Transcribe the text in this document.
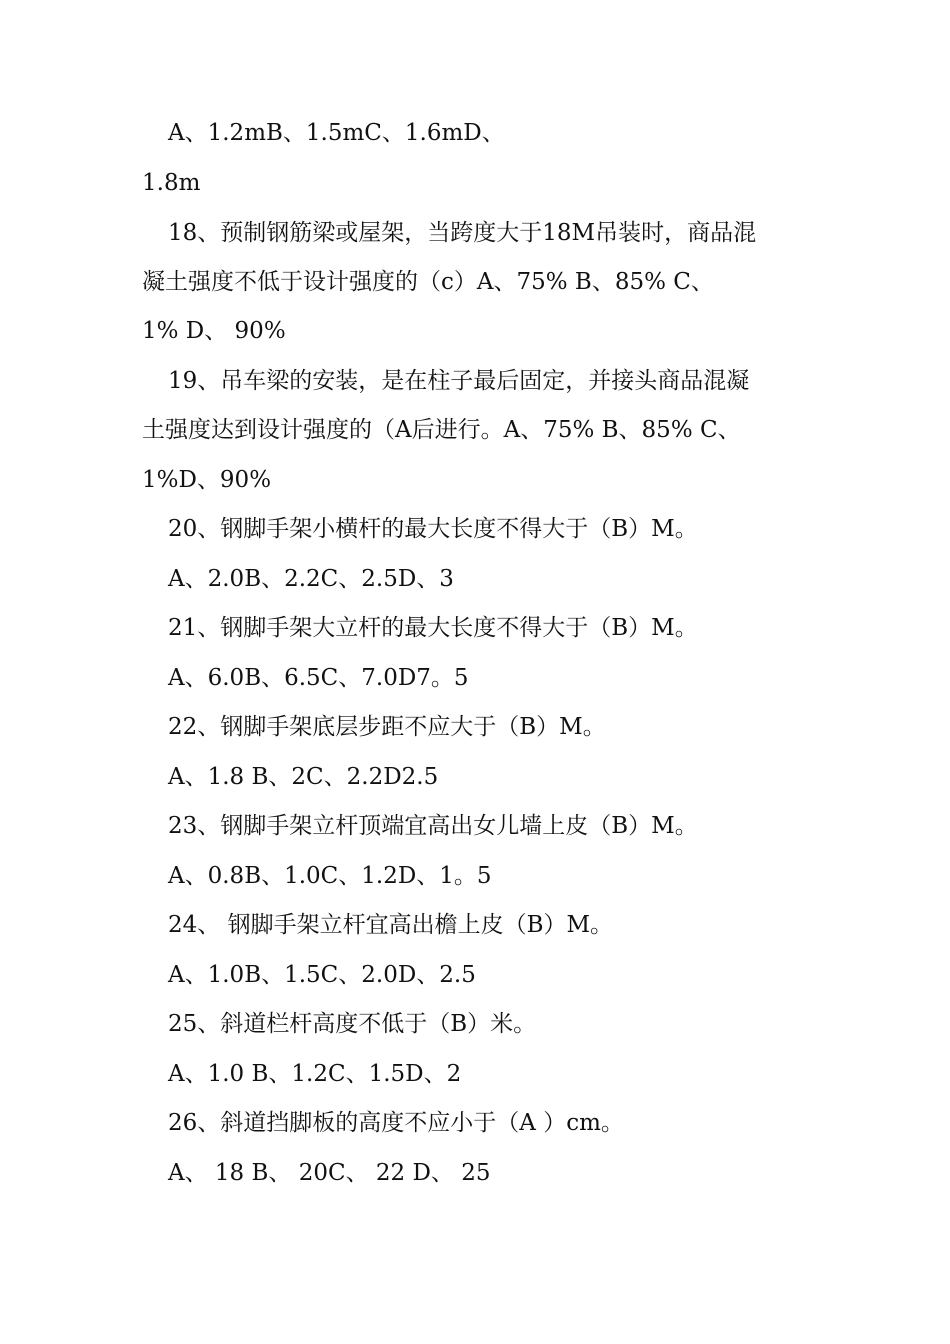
A、1.2mB、1.5mC、1.6mD、
1.8m
18、预制钢筋梁或屋架，当跨度大于18M吊装时，商品混
凝土强度不低于设计强度的（c）A、75% B、85% C、
1% D、 90%
19、吊车梁的安装，是在柱子最后固定，并接头商品混凝
土强度达到设计强度的（A后进行。A、75% B、85% C、
1%D、90%
20、钢脚手架小横杆的最大长度不得大于（B）M。
A、2.0B、2.2C、2.5D、3
21、钢脚手架大立杆的最大长度不得大于（B）M。
A、6.0B、6.5C、7.0D7。5
22、钢脚手架底层步距不应大于（B）M。
A、1.8 B、2C、2.2D2.5
23、钢脚手架立杆顶端宜高出女儿墙上皮（B）M。
A、0.8B、1.0C、1.2D、1。5
24、 钢脚手架立杆宜高出檐上皮（B）M。
A、1.0B、1.5C、2.0D、2.5
25、斜道栏杆高度不低于（B）米。
A、1.0 B、1.2C、1.5D、2
26、斜道挡脚板的高度不应小于（A ）cm。
A、 18 B、 20C、 22 D、 25
